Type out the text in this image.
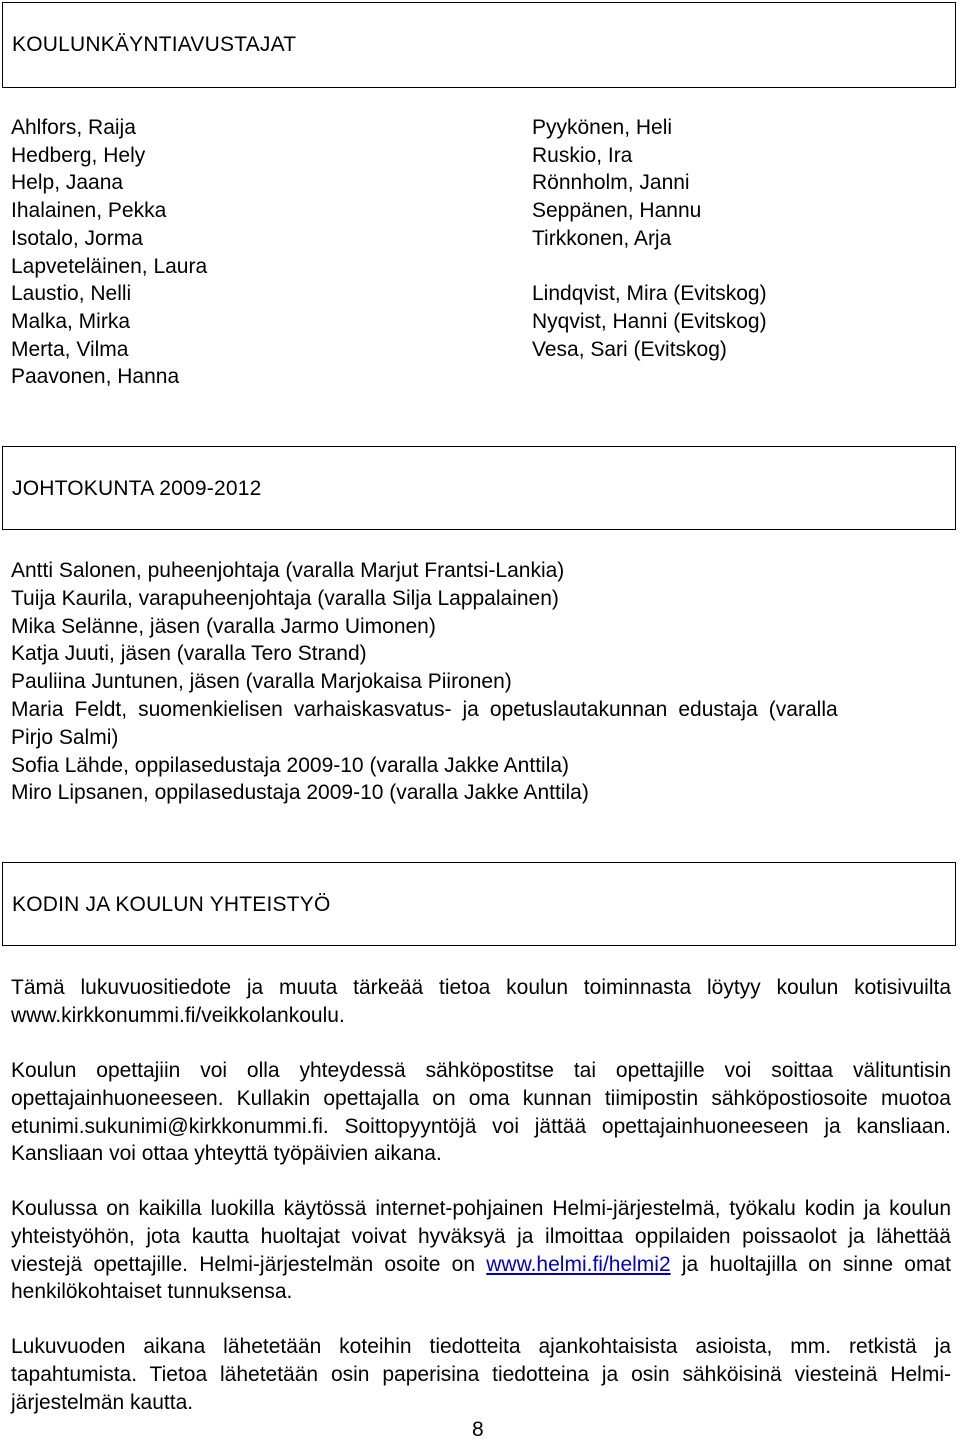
KOULUNKÄYNTIAVUSTAJAT
Ahlfors, Raija
Hedberg, Hely
Help, Jaana
Ihalainen, Pekka
Isotalo, Jorma
Lapveteläinen, Laura
Laustio, Nelli
Malka, Mirka
Merta, Vilma
Paavonen, Hanna
Pyykönen, Heli
Ruskio, Ira
Rönnholm, Janni
Seppänen, Hannu
Tirkkonen, Arja
Lindqvist, Mira (Evitskog)
Nyqvist, Hanni (Evitskog)
Vesa, Sari (Evitskog)
JOHTOKUNTA 2009-2012
Antti Salonen, puheenjohtaja (varalla Marjut Frantsi-Lankia)
Tuija Kaurila, varapuheenjohtaja (varalla Silja Lappalainen)
Mika Selänne, jäsen (varalla Jarmo Uimonen)
Katja Juuti, jäsen (varalla Tero Strand)
Pauliina Juntunen, jäsen (varalla Marjokaisa Piironen)
Maria Feldt, suomenkielisen varhaiskasvatus- ja opetuslautakunnan edustaja (varalla
Pirjo Salmi)
Sofia Lähde, oppilasedustaja 2009-10 (varalla Jakke Anttila)
Miro Lipsanen, oppilasedustaja 2009-10 (varalla Jakke Anttila)
KODIN JA KOULUN YHTEISTYÖ

Tämä lukuvuositiedote ja muuta tärkeää tietoa koulun toiminnasta löytyy koulun kotisivuilta www.kirkkonummi.fi/veikkolankoulu.

Koulun opettajiin voi olla yhteydessä sähköpostitse tai opettajille voi soittaa välituntisin opettajainhuoneeseen. Kullakin opettajalla on oma kunnan tiimipostin sähköpostiosoite muotoa etunimi.sukunimi@kirkkonummi.fi. Soittopyyntöjä voi jättää opettajainhuoneeseen ja kansliaan. Kansliaan voi ottaa yhteyttä työpäivien aikana.

Koulussa on kaikilla luokilla käytössä internet-pohjainen Helmi-järjestelmä, työkalu kodin ja koulun yhteistyöhön, jota kautta huoltajat voivat hyväksyä ja ilmoittaa oppilaiden poissaolot ja lähettää viestejä opettajille. Helmi-järjestelmän osoite on www.helmi.fi/helmi2 ja huoltajilla on sinne omat henkilökohtaiset tunnuksensa.

Lukuvuoden aikana lähetetään koteihin tiedotteita ajankohtaisista asioista, mm. retkistä ja tapahtumista. Tietoa lähetetään osin paperisina tiedotteina ja osin sähköisinä viesteinä Helmi-järjestelmän kautta.

8
